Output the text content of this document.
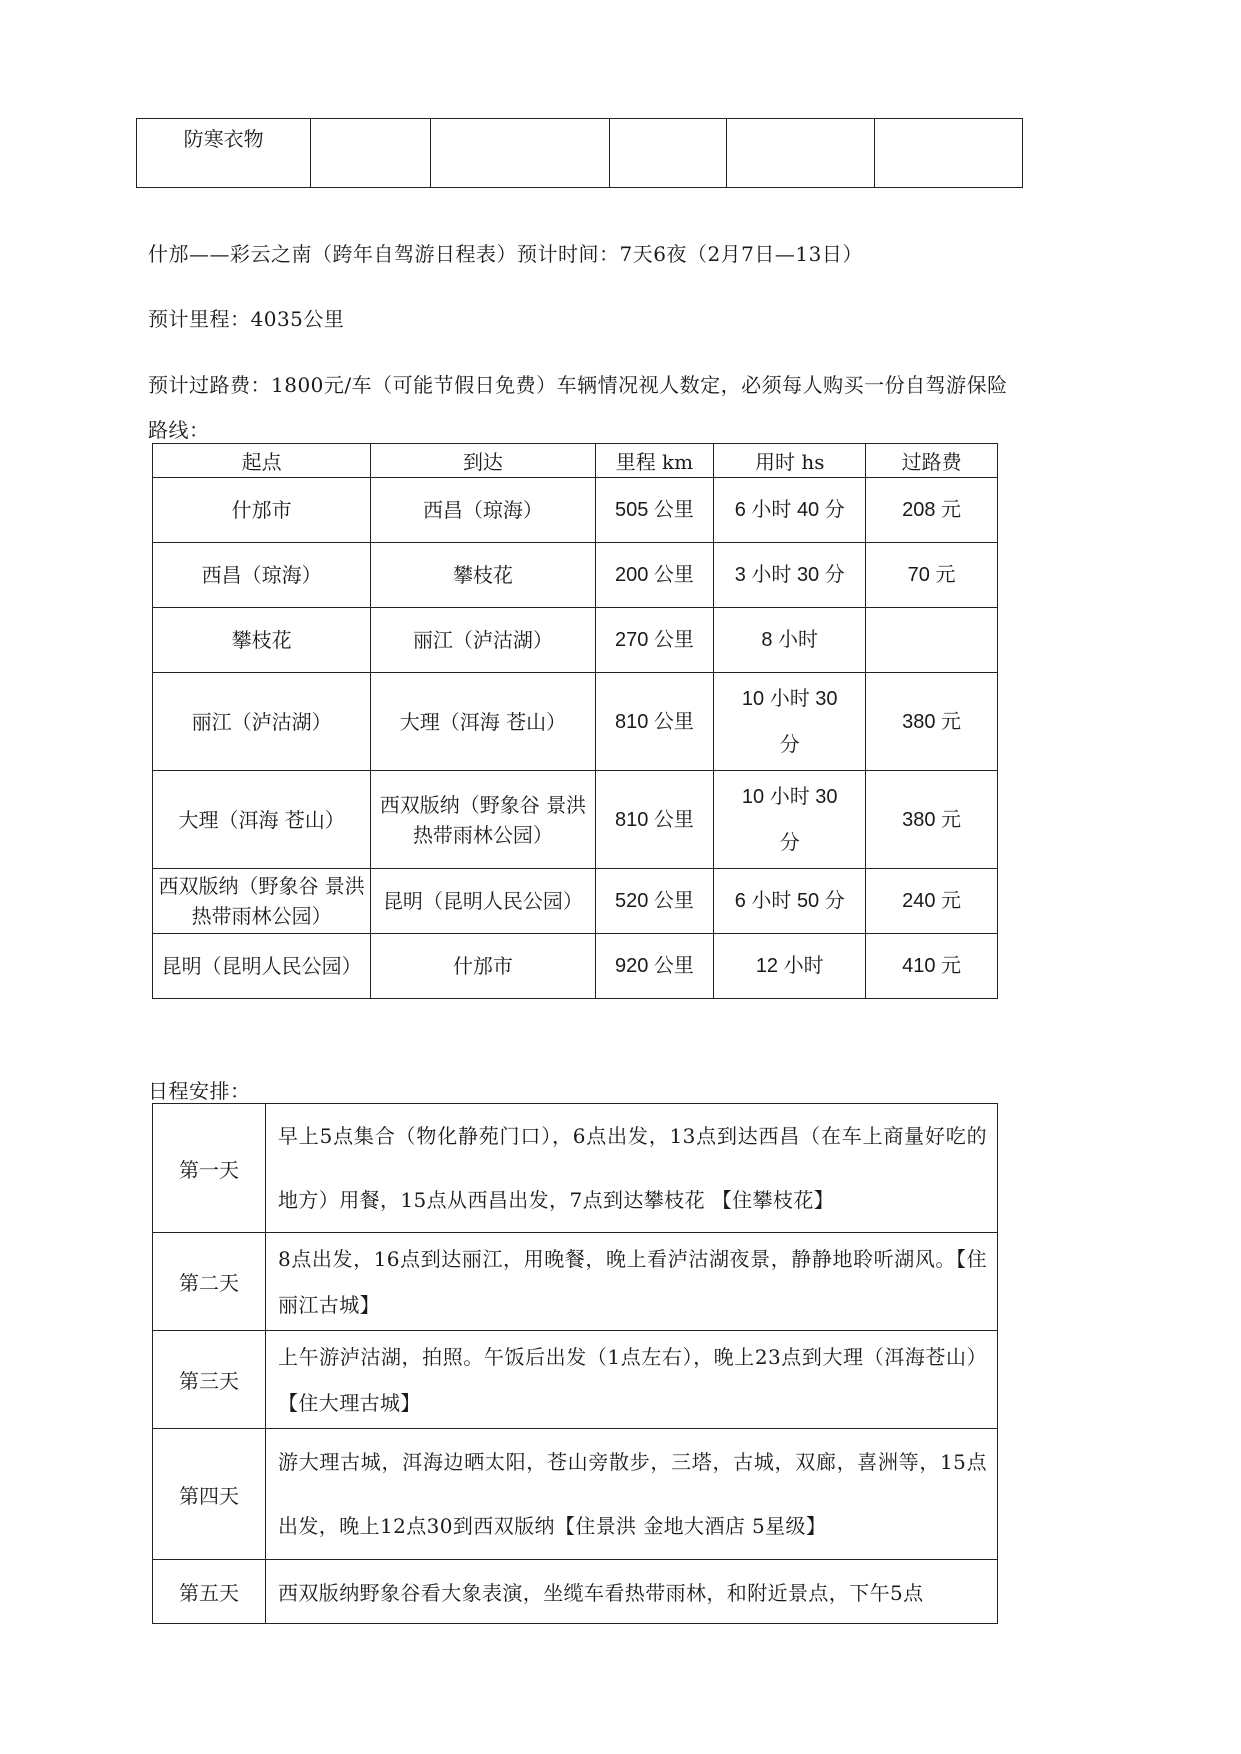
防寒衣物					
什邡——彩云之南（跨年自驾游日程表）预计时间：7天6夜（2月7日—13日）
预计里程：4035公里
预计过路费：1800元/车（可能节假日免费）车辆情况视人数定，必须每人购买一份自驾游保险
路线：
起点	到达	里程 km	用时 hs	过路费
什邡市	西昌（琼海）	505 公里	6 小时 40 分	208 元
西昌（琼海）	攀枝花	200 公里	3 小时 30 分	70 元
攀枝花	丽江（泸沽湖）	270 公里	8 小时	
丽江（泸沽湖）	大理（洱海 苍山）	810 公里	10 小时 30 分	380 元
大理（洱海 苍山）	西双版纳（野象谷 景洪 热带雨林公园）	810 公里	10 小时 30 分	380 元
西双版纳（野象谷 景洪 热带雨林公园）	昆明（昆明人民公园）	520 公里	6 小时 50 分	240 元
昆明（昆明人民公园）	什邡市	920 公里	12 小时	410 元
日程安排：
第一天	早上5点集合（物化静苑门口），6点出发，13点到达西昌（在车上商量好吃的地方）用餐，15点从西昌出发，7点到达攀枝花 【住攀枝花】
第二天	8点出发，16点到达丽江，用晚餐，晚上看泸沽湖夜景，静静地聆听湖风。【住丽江古城】
第三天	上午游泸沽湖，拍照。午饭后出发（1点左右），晚上23点到大理（洱海苍山） 【住大理古城】
第四天	游大理古城，洱海边晒太阳，苍山旁散步，三塔，古城，双廊，喜洲等，15点出发，晚上12点30到西双版纳【住景洪 金地大酒店 5星级】
第五天	西双版纳野象谷看大象表演，坐缆车看热带雨林，和附近景点，下午5点
